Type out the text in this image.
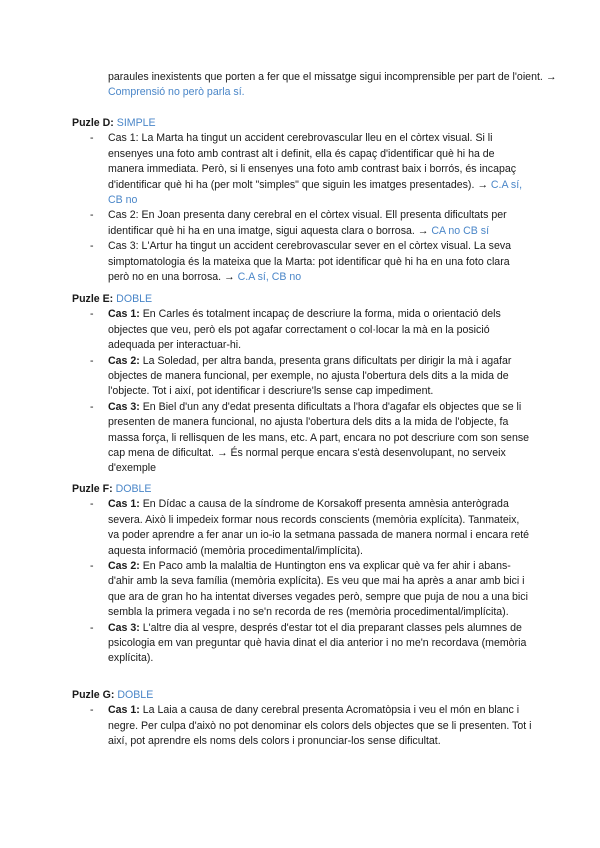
paraules inexistents que porten a fer que el missatge sigui incomprensible per part de l'oient. → Comprensió no però parla sí.

Puzle D: SIMPLE

- Cas 1: La Marta ha tingut un accident cerebrovascular lleu en el còrtex visual. Si li ensenyes una foto amb contrast alt i definit, ella és capaç d'identificar què hi ha de manera immediata. Però, si li ensenyes una foto amb contrast baix i borrós, és incapaç d'identificar què hi ha (per molt "simples" que siguin les imatges presentades). → C.A sí, CB no
- Cas 2: En Joan presenta dany cerebral en el còrtex visual. Ell presenta dificultats per identificar què hi ha en una imatge, sigui aquesta clara o borrosa. → CA no CB sí
- Cas 3: L'Artur ha tingut un accident cerebrovascular sever en el còrtex visual. La seva simptomatologia és la mateixa que la Marta: pot identificar què hi ha en una foto clara però no en una borrosa. → C.A sí, CB no

Puzle E: DOBLE

- Cas 1: En Carles és totalment incapaç de descriure la forma, mida o orientació dels objectes que veu, però els pot agafar correctament o col·locar la mà en la posició adequada per interactuar-hi.
- Cas 2: La Soledad, per altra banda, presenta grans dificultats per dirigir la mà i agafar objectes de manera funcional, per exemple, no ajusta l'obertura dels dits a la mida de l'objecte. Tot i així, pot identificar i descriure'ls sense cap impediment.
- Cas 3: En Biel d'un any d'edat presenta dificultats a l'hora d'agafar els objectes que se li presenten de manera funcional, no ajusta l'obertura dels dits a la mida de l'objecte, fa massa força, li rellisquen de les mans, etc. A part, encara no pot descriure com son sense cap mena de dificultat. → És normal perque encara s'està desenvolupant, no serveix d'exemple

Puzle F: DOBLE

- Cas 1: En Dídac a causa de la síndrome de Korsakoff presenta amnèsia anterògrada severa. Això li impedeix formar nous records conscients (memòria explícita). Tanmateix, va poder aprendre a fer anar un io-io la setmana passada de manera normal i encara reté aquesta informació (memòria procedimental/implícita).
- Cas 2: En Paco amb la malaltia de Huntington ens va explicar què va fer ahir i abans-d'ahir amb la seva família (memòria explícita). Es veu que mai ha après a anar amb bici i que ara de gran ho ha intentat diverses vegades però, sempre que puja de nou a una bici sembla la primera vegada i no se'n recorda de res (memòria procedimental/implícita).
- Cas 3: L'altre dia al vespre, després d'estar tot el dia preparant classes pels alumnes de psicologia em van preguntar què havia dinat el dia anterior i no me'n recordava (memòria explícita).

Puzle G: DOBLE

- Cas 1: La Laia a causa de dany cerebral presenta Acromatòpsia i veu el món en blanc i negre. Per culpa d'això no pot denominar els colors dels objectes que se li presenten. Tot i així, pot aprendre els noms dels colors i pronunciar-los sense dificultat.
